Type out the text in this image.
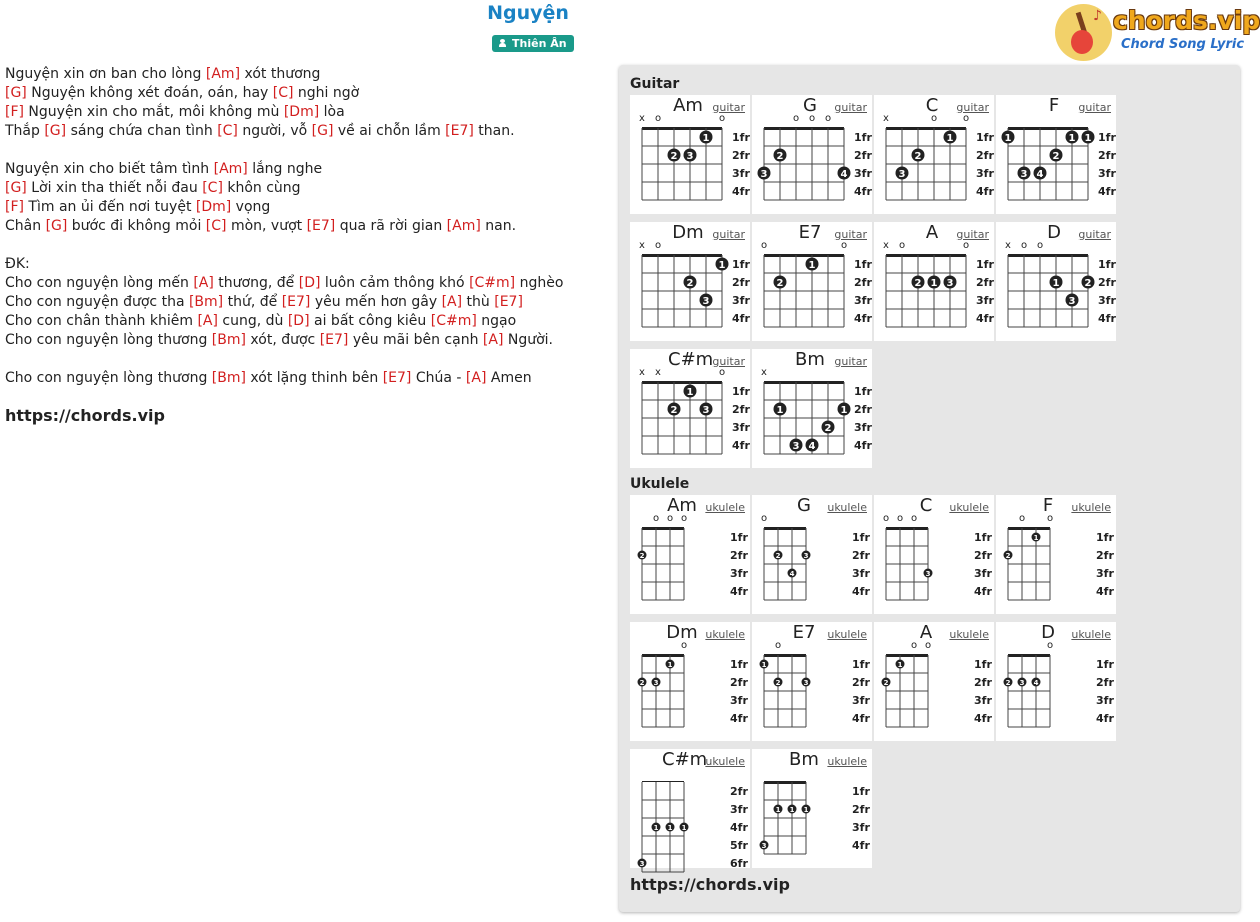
Nguyện
Thiên Ân
♪ chords.vip
Chord Song Lyric
Nguyện xin ơn ban cho lòng [Am] xót thương
[G] Nguyện không xét đoán, oán, hay [C] nghi ngờ
[F] Nguyện xin cho mắt, môi không mù [Dm] lòa
Thắp [G] sáng chứa chan tình [C] người, vỗ [G] về ai chỗn lầm [E7] than.
Nguyện xin cho biết tâm tình [Am] lắng nghe
[G] Lời xin tha thiết nỗi đau [C] khôn cùng
[F] Tìm an ủi đến nơi tuyệt [Dm] vọng
Chân [G] bước đi không mỏi [C] mòn, vượt [E7] qua rã rời gian [Am] nan.
ĐK:
Cho con nguyện lòng mến [A] thương, để [D] luôn cảm thông khó [C#m] nghèo
Cho con nguyện được tha [Bm] thứ, để [E7] yêu mến hơn gây [A] thù [E7]
Cho con chân thành khiêm [A] cung, dù [D] ai bất công kiêu [C#m] ngạo
Cho con nguyện lòng thương [Bm] xót, được [E7] yêu mãi bên cạnh [A] Người.
Cho con nguyện lòng thương [Bm] xót lặng thinh bên [E7] Chúa - [A] Amen
https://chords.vip
Guitar
Ukulele
https://chords.vip
x o	o
1fr
2fr
3fr
4fr
1
2 3
Am guitar
o o o
1fr
2fr
3fr
4fr
2
3	4
G	guitar
x	o	o
1fr
2fr
3fr
4fr
1
2
3
C	guitar
1fr
2fr
3fr
4fr
1	1 1
2
3 4
F	guitar
x o
1fr
2fr
3fr
4fr
1
2
3
Dm guitar
o	o
1fr
2fr
3fr
4fr
1
2
E7	guitar
x o	o
1fr
2fr
3fr
4fr
2 1 3
A	guitar
x o o
1fr
2fr
3fr
4fr
1	2
3
D	guitar
x x	o
1fr
2fr
3fr
4fr
1
2	3
C#m guitar
x
1fr
2fr
3fr
4fr
1	1
2
3 4
Bm guitar
o o o
1fr
2fr
3fr
4fr
2
Am ukulele
o
1fr
2fr
3fr
4fr
2	3
4
G	ukulele
o o o
1fr
2fr
3fr
4fr
3
C	ukulele
o o
1fr
2fr
3fr
4fr
1
2
F	ukulele
o
1fr
2fr
3fr
4fr
1
2 3
Dm ukulele
o
1fr
2fr
3fr
4fr
1
2	3
E7	ukulele
o o
1fr
2fr
3fr
4fr
1
2
A	ukulele
o
1fr
2fr
3fr
4fr
2 3 4
D	ukulele
2fr
3fr
4fr
5fr
6fr
1 1 1
3
C#m
ukulele
1fr
2fr
3fr
4fr
1 1 1
3
Bm ukulele
